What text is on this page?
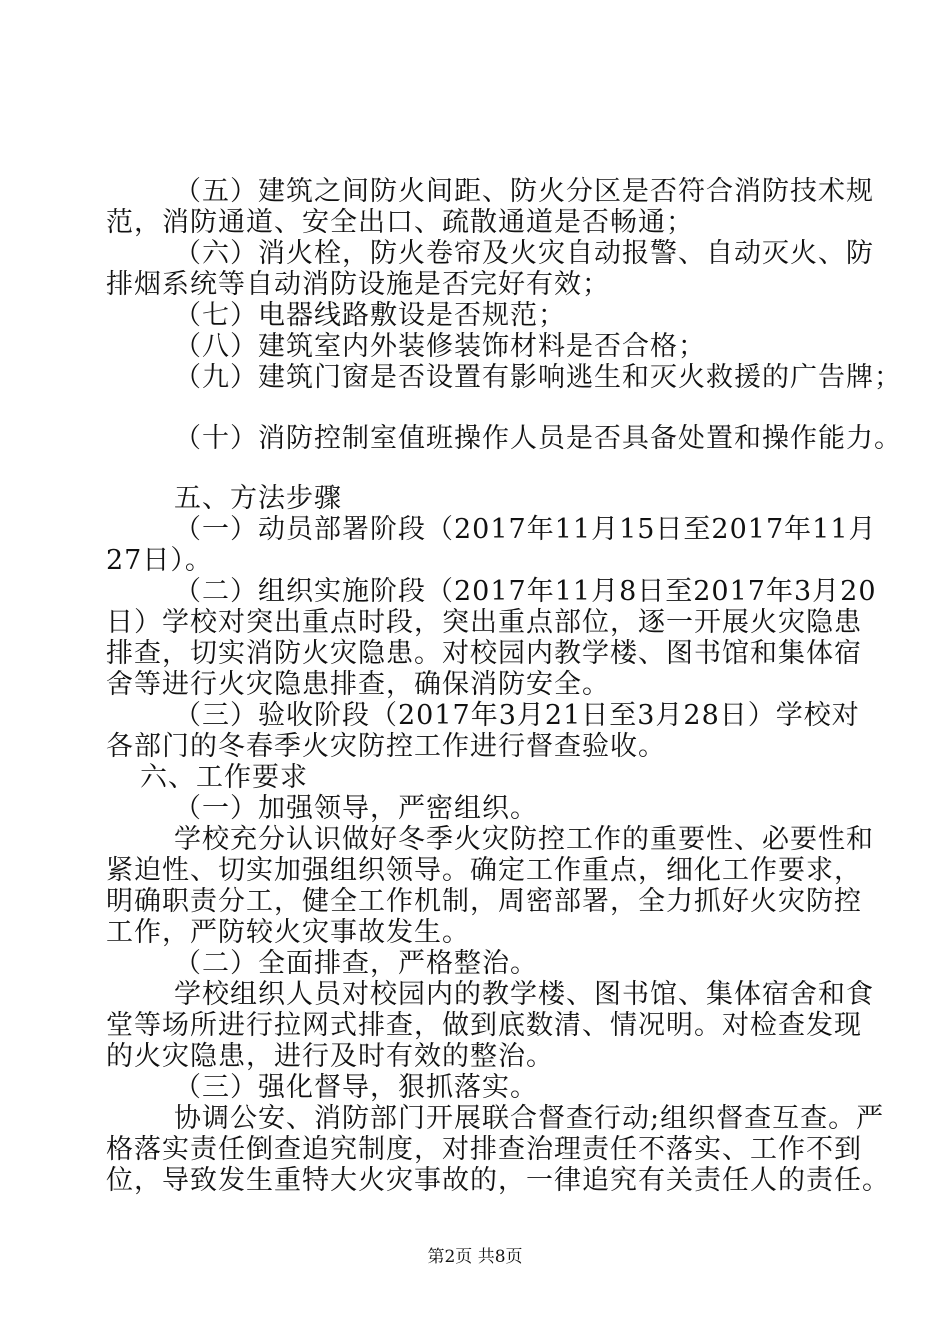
（五）建筑之间防火间距、防火分区是否符合消防技术规
范，消防通道、安全出口、疏散通道是否畅通；
（六）消火栓，防火卷帘及火灾自动报警、自动灭火、防
排烟系统等自动消防设施是否完好有效；
（七）电器线路敷设是否规范；
（八）建筑室内外装修装饰材料是否合格；
（九）建筑门窗是否设置有影响逃生和灭火救援的广告牌；
（十）消防控制室值班操作人员是否具备处置和操作能力。
五、方法步骤
（一）动员部署阶段（2017年11月15日至2017年11月
27日）。
（二）组织实施阶段（2017年11月8日至2017年3月20
日）学校对突出重点时段，突出重点部位，逐一开展火灾隐患
排查，切实消防火灾隐患。对校园内教学楼、图书馆和集体宿
舍等进行火灾隐患排查，确保消防安全。
（三）验收阶段（2017年3月21日至3月28日）学校对
各部门的冬春季火灾防控工作进行督查验收。
六、工作要求
（一）加强领导，严密组织。
学校充分认识做好冬季火灾防控工作的重要性、必要性和
紧迫性、切实加强组织领导。确定工作重点，细化工作要求，
明确职责分工，健全工作机制，周密部署，全力抓好火灾防控
工作，严防较火灾事故发生。
（二）全面排查，严格整治。
学校组织人员对校园内的教学楼、图书馆、集体宿舍和食
堂等场所进行拉网式排查，做到底数清、情况明。对检查发现
的火灾隐患，进行及时有效的整治。
（三）强化督导，狠抓落实。
协调公安、消防部门开展联合督查行动;组织督查互查。严
格落实责任倒查追究制度，对排查治理责任不落实、工作不到
位，导致发生重特大火灾事故的，一律追究有关责任人的责任。
第2页 共8页
